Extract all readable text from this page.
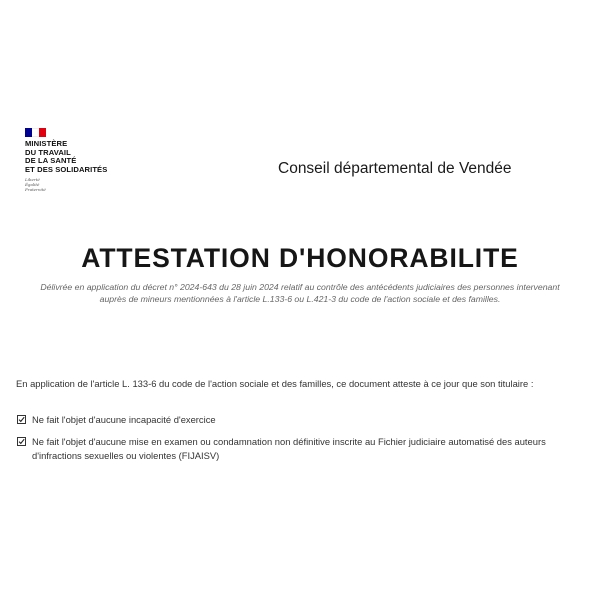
MINISTÈRE
DU TRAVAIL
DE LA SANTÉ
ET DES SOLIDARITÉS
Liberté
Égalité
Fraternité
Conseil départemental de Vendée
ATTESTATION D'HONORABILITE
Délivrée en application du décret n° 2024-643 du 28 juin 2024 relatif au contrôle des antécédents judiciaires des personnes intervenant auprès de mineurs mentionnées à l'article L.133-6 ou L.421-3 du code de l'action sociale et des familles.
En application de l'article L. 133-6 du code de l'action sociale et des familles, ce document atteste à ce jour que son titulaire :
Ne fait l'objet d'aucune incapacité d'exercice
Ne fait l'objet d'aucune mise en examen ou condamnation non définitive inscrite au Fichier judiciaire automatisé des auteurs d'infractions sexuelles ou violentes (FIJAISV)
